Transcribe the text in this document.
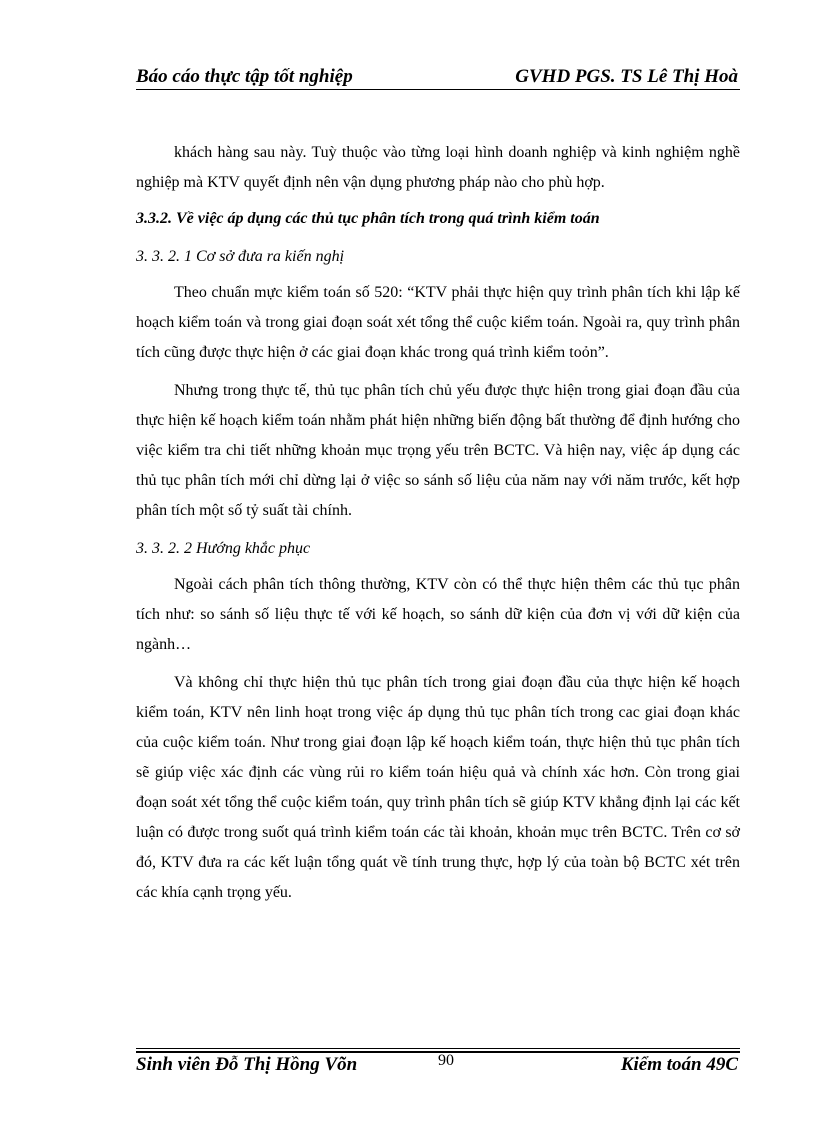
Báo cáo thực tập tốt nghiệp	GVHD PGS. TS Lê Thị Hoà

khách hàng sau này. Tuỳ thuộc vào từng loại hình doanh nghiệp và kinh nghiệm nghề nghiệp mà KTV quyết định nên vận dụng phương pháp nào cho phù hợp.

3.3.2. Về việc áp dụng các thủ tục phân tích trong quá trình kiểm toán

3. 3. 2. 1 Cơ sở đưa ra kiến nghị

Theo chuẩn mực kiểm toán số 520: “KTV phải thực hiện quy trình phân tích khi lập kế hoạch kiểm toán và trong giai đoạn soát xét tổng thể cuộc kiểm toán. Ngoài ra, quy trình phân tích cũng được thực hiện ở các giai đoạn khác trong quá trình kiểm toỏn”.

Nhưng trong thực tế, thủ tục phân tích chủ yếu được thực hiện trong giai đoạn đầu của thực hiện kế hoạch kiểm toán nhằm phát hiện những biến động bất thường để định hướng cho việc kiểm tra chi tiết những khoản mục trọng yếu trên BCTC. Và hiện nay, việc áp dụng các thủ tục phân tích mới chỉ dừng lại ở việc so sánh số liệu của năm nay với năm trước, kết hợp phân tích một số tỷ suất tài chính.

3. 3. 2. 2 Hướng khắc phục

Ngoài cách phân tích thông thường, KTV còn có thể thực hiện thêm các thủ tục phân tích như: so sánh số liệu thực tế với kế hoạch, so sánh dữ kiện của đơn vị với dữ kiện của ngành…

Và không chỉ thực hiện thủ tục phân tích trong giai đoạn đầu của thực hiện kế hoạch kiểm toán, KTV nên linh hoạt trong việc áp dụng thủ tục phân tích trong cac giai đoạn khác của cuộc kiểm toán. Như trong giai đoạn lập kế hoạch kiểm toán, thực hiện thủ tục phân tích sẽ giúp việc xác định các vùng rủi ro kiểm toán hiệu quả và chính xác hơn. Còn trong giai đoạn soát xét tổng thể cuộc kiểm toán, quy trình phân tích sẽ giúp KTV khẳng định lại các kết luận có được trong suốt quá trình kiểm toán các tài khoản, khoản mục trên BCTC. Trên cơ sở đó, KTV đưa ra các kết luận tổng quát về tính trung thực, hợp lý của toàn bộ BCTC xét trên các khía cạnh trọng yếu.

Sinh viên Đỗ Thị Hồng Võn	90	Kiểm toán 49C
